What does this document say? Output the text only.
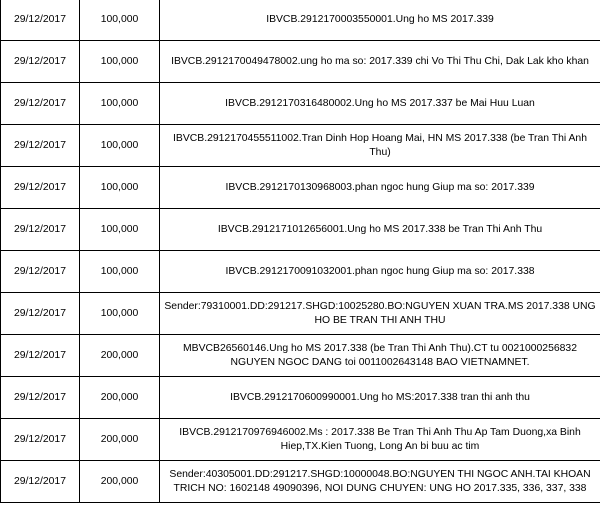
29/12/2017	100,000	IBVCB.2912170003550001.Ung ho MS 2017.339
29/12/2017	100,000	IBVCB.2912170049478002.ung ho ma so: 2017.339 chi Vo Thi Thu Chi, Dak Lak kho khan
29/12/2017	100,000	IBVCB.2912170316480002.Ung ho MS 2017.337 be Mai Huu Luan
29/12/2017	100,000	IBVCB.2912170455511002.Tran Dinh Hop Hoang Mai, HN MS 2017.338 (be Tran Thi Anh Thu)
29/12/2017	100,000	IBVCB.2912170130968003.phan ngoc hung Giup ma so: 2017.339
29/12/2017	100,000	IBVCB.2912171012656001.Ung ho MS 2017.338 be Tran Thi Anh Thu
29/12/2017	100,000	IBVCB.2912170091032001.phan ngoc hung Giup ma so: 2017.338
29/12/2017	100,000	Sender:79310001.DD:291217.SHGD:10025280.BO:NGUYEN XUAN TRA.MS 2017.338 UNG HO BE TRAN THI ANH THU
29/12/2017	200,000	MBVCB26560146.Ung ho MS 2017.338 (be Tran Thi Anh Thu).CT tu 0021000256832 NGUYEN NGOC DANG toi 0011002643148 BAO VIETNAMNET.
29/12/2017	200,000	IBVCB.2912170600990001.Ung ho MS:2017.338 tran thi anh thu
29/12/2017	200,000	IBVCB.2912170976946002.Ms : 2017.338 Be Tran Thi Anh Thu Ap Tam Duong,xa Binh Hiep,TX.Kien Tuong, Long An bi buu ac tim
29/12/2017	200,000	Sender:40305001.DD:291217.SHGD:10000048.BO:NGUYEN THI NGOC ANH.TAI KHOAN TRICH NO: 1602148 49090396, NOI DUNG CHUYEN: UNG HO 2017.335, 336, 337, 338
